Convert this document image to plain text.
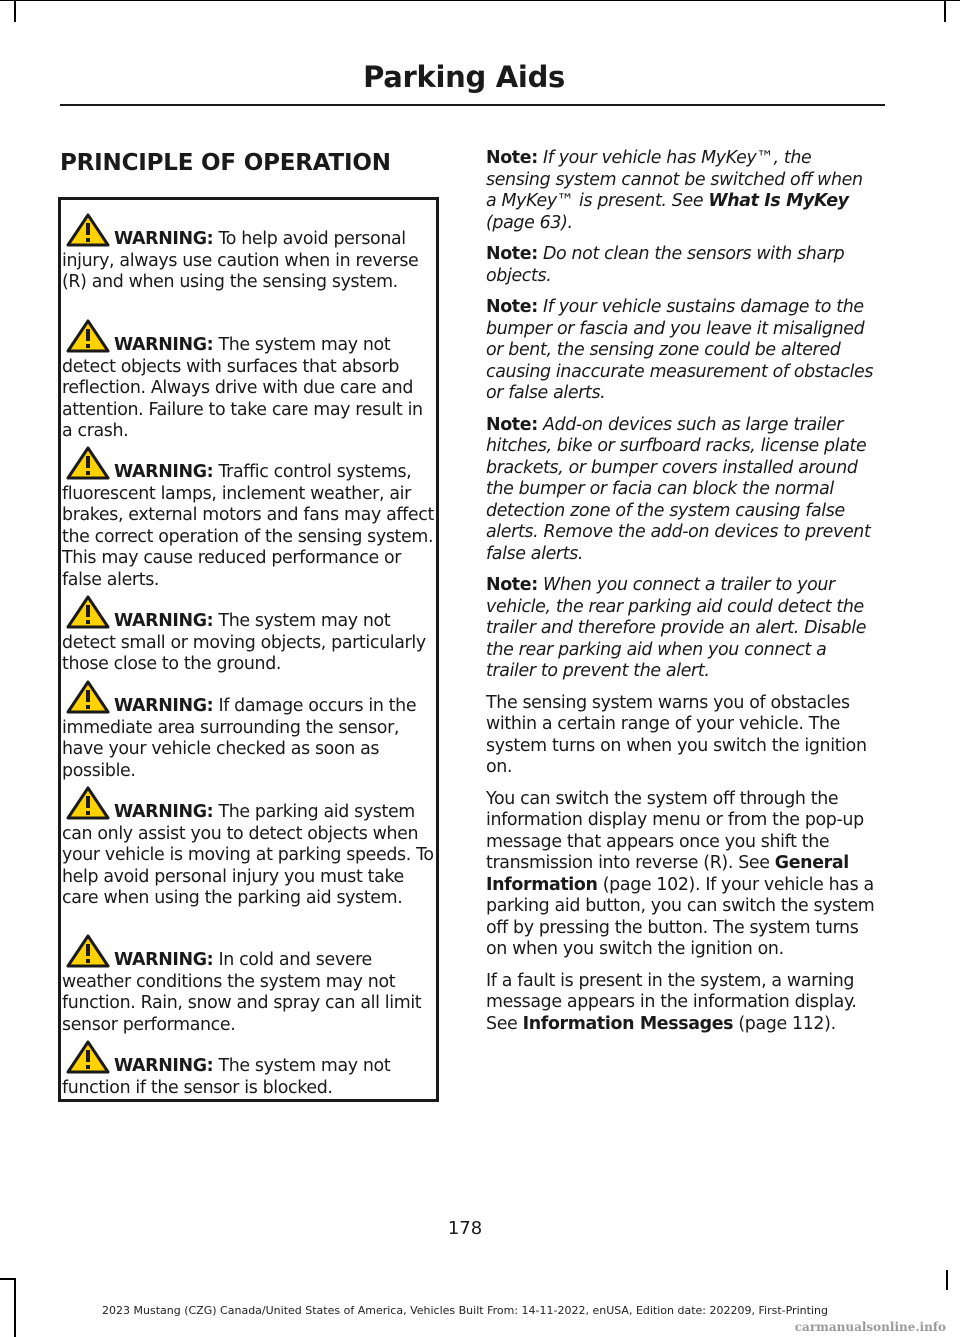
Parking Aids
PRINCIPLE OF OPERATION
WARNING: To help avoid personal injury, always use caution when in reverse (R) and when using the sensing system.
WARNING: The system may not detect objects with surfaces that absorb reflection. Always drive with due care and attention. Failure to take care may result in a crash.
WARNING: Traffic control systems, fluorescent lamps, inclement weather, air brakes, external motors and fans may affect the correct operation of the sensing system. This may cause reduced performance or false alerts.
WARNING: The system may not detect small or moving objects, particularly those close to the ground.
WARNING: If damage occurs in the immediate area surrounding the sensor, have your vehicle checked as soon as possible.
WARNING: The parking aid system can only assist you to detect objects when your vehicle is moving at parking speeds. To help avoid personal injury you must take care when using the parking aid system.
WARNING: In cold and severe weather conditions the system may not function. Rain, snow and spray can all limit sensor performance.
WARNING: The system may not function if the sensor is blocked.

Note: If your vehicle has MyKey™, the sensing system cannot be switched off when a MyKey™ is present. See What Is MyKey (page 63).

Note: Do not clean the sensors with sharp objects.

Note: If your vehicle sustains damage to the bumper or fascia and you leave it misaligned or bent, the sensing zone could be altered causing inaccurate measurement of obstacles or false alerts.

Note: Add-on devices such as large trailer hitches, bike or surfboard racks, license plate brackets, or bumper covers installed around the bumper or facia can block the normal detection zone of the system causing false alerts. Remove the add-on devices to prevent false alerts.

Note: When you connect a trailer to your vehicle, the rear parking aid could detect the trailer and therefore provide an alert. Disable the rear parking aid when you connect a trailer to prevent the alert.

The sensing system warns you of obstacles within a certain range of your vehicle. The system turns on when you switch the ignition on.

You can switch the system off through the information display menu or from the pop-up message that appears once you shift the transmission into reverse (R). See General Information (page 102). If your vehicle has a parking aid button, you can switch the system off by pressing the button. The system turns on when you switch the ignition on.

If a fault is present in the system, a warning message appears in the information display. See Information Messages (page 112).

178
2023 Mustang (CZG) Canada/United States of America, Vehicles Built From: 14-11-2022, enUSA, Edition date: 202209, First-Printing
carmanualsonline.info
